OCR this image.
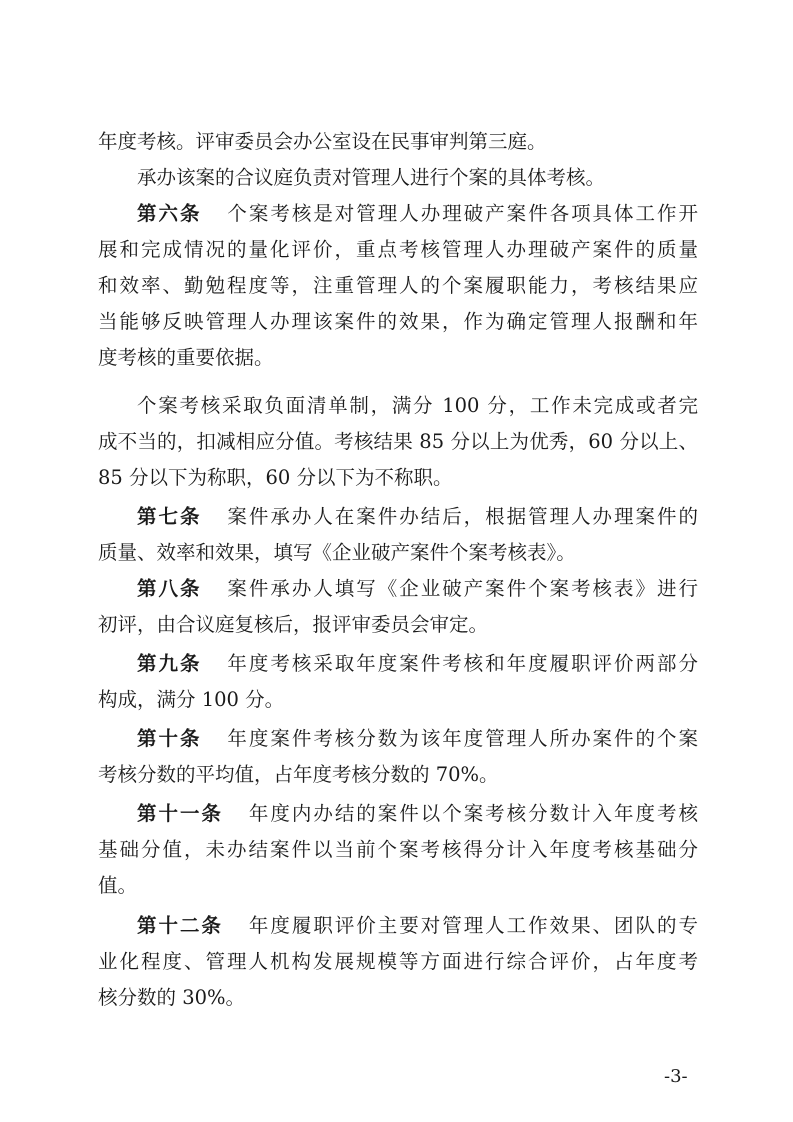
年度考核。评审委员会办公室设在民事审判第三庭。
承办该案的合议庭负责对管理人进行个案的具体考核。
第六条 个案考核是对管理人办理破产案件各项具体工作开
展和完成情况的量化评价，重点考核管理人办理破产案件的质量
和效率、勤勉程度等，注重管理人的个案履职能力，考核结果应
当能够反映管理人办理该案件的效果，作为确定管理人报酬和年
度考核的重要依据。
个案考核采取负面清单制，满分 100 分，工作未完成或者完
成不当的，扣减相应分值。考核结果 85 分以上为优秀，60 分以上、
85 分以下为称职，60 分以下为不称职。
第七条 案件承办人在案件办结后，根据管理人办理案件的
质量、效率和效果，填写《企业破产案件个案考核表》。
第八条 案件承办人填写《企业破产案件个案考核表》进行
初评，由合议庭复核后，报评审委员会审定。
第九条 年度考核采取年度案件考核和年度履职评价两部分
构成，满分 100 分。
第十条 年度案件考核分数为该年度管理人所办案件的个案
考核分数的平均值，占年度考核分数的 70%。
第十一条 年度内办结的案件以个案考核分数计入年度考核
基础分值，未办结案件以当前个案考核得分计入年度考核基础分
值。
第十二条 年度履职评价主要对管理人工作效果、团队的专
业化程度、管理人机构发展规模等方面进行综合评价，占年度考
核分数的 30%。
-3-
